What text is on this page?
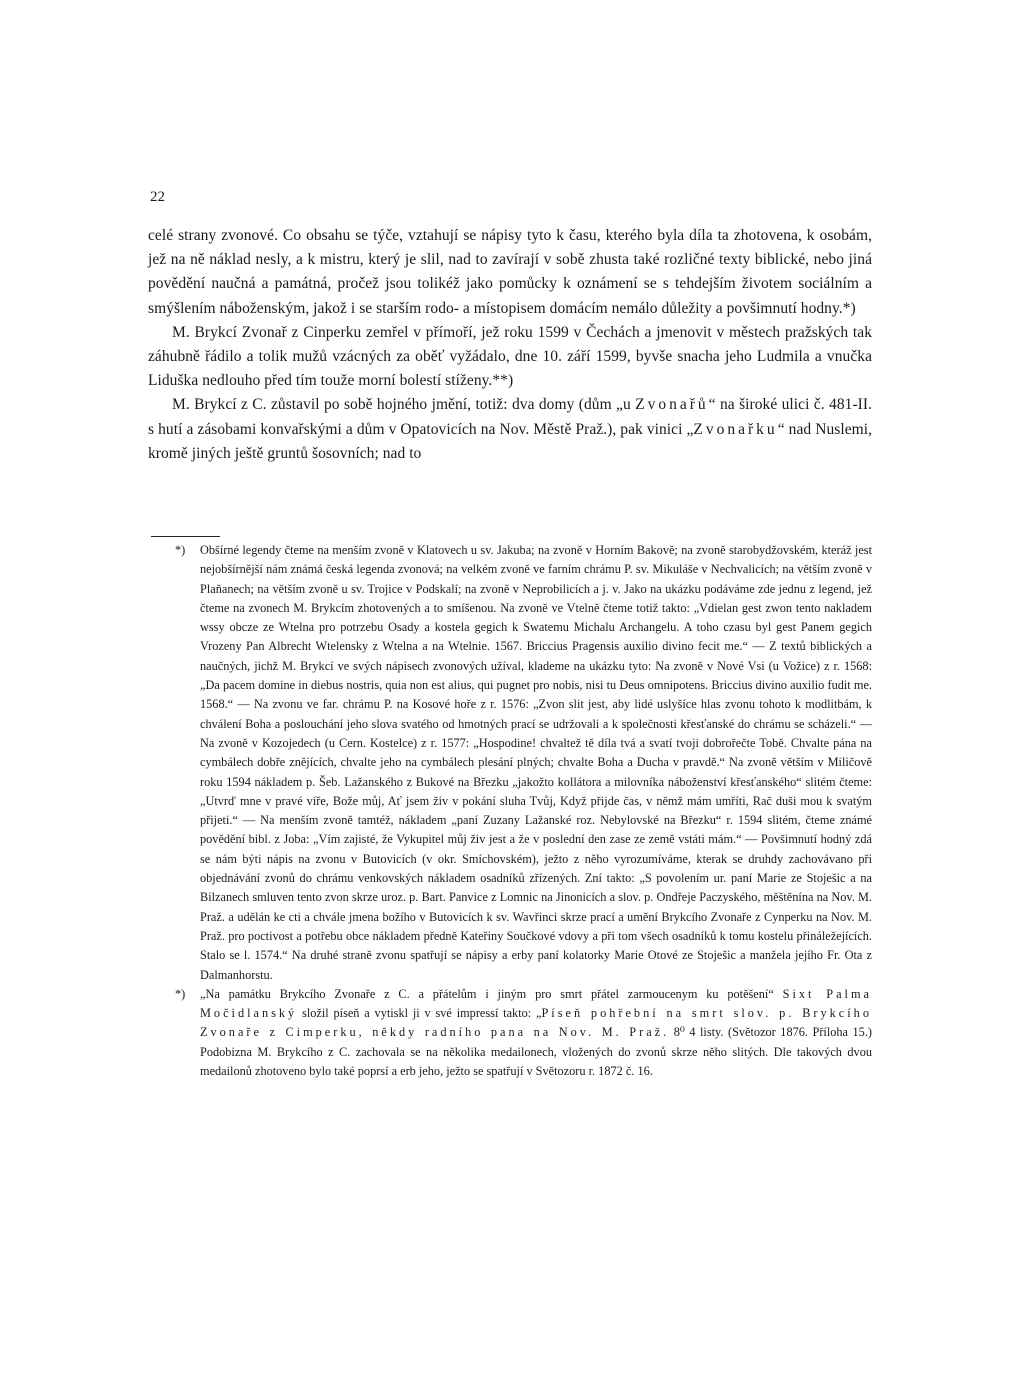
22

celé strany zvonové. Co obsahu se týče, vztahují se nápisy tyto k času, kterého byla díla ta zhotovena, k osobám, jež na ně náklad nesly, a k mistru, který je slil, nad to zavírají v sobě zhusta také rozličné texty biblické, nebo jiná povědění naučná a památná, pročež jsou tolikéž jako pomůcky k oznámení se s tehdejším životem sociálním a smýšlením náboženským, jakož i se starším rodo- a místopisem domácím nemálo důležity a povšimnutí hodny.*)

M. Brykcí Zvonař z Cinperku zemřel v přímoří, jež roku 1599 v Čechách a jmenovit v městech pražských tak záhubně řádilo a tolik mužů vzácných za oběť vyžádalo, dne 10. září 1599, byvše snacha jeho Ludmila a vnučka Liduška nedlouho před tím touže morní bolestí stíženy.**)

M. Brykcí z C. zůstavil po sobě hojného jmění, totiž: dva domy (dům „u Zvonařů“ na široké ulici č. 481-II. s hutí a zásobami konvařskými a dům v Opatovicích na Nov. Městě Praž.), pak vinici „Zvonařku“ nad Nuslemi, kromě jiných ještě gruntů šosovních; nad to

*) Obšírné legendy čteme na menším zvoně v Klatovech u sv. Jakuba; na zvoně v Horním Bakově; na zvoně starobydžovském, kteráž jest nejobšírnější nám známá česká legenda zvonová; na velkém zvoně ve farním chrámu P. sv. Mikuláše v Nechvalicích; na větším zvoně v Plaňanech; na větším zvoně u sv. Trojice v Podskalí; na zvoně v Neprobilicích a j. v. Jako na ukázku podáváme zde jednu z legend, jež čteme na zvonech M. Brykcím zhotovených a to smíšenou. Na zvoně ve Vtelně čteme totiž takto: „Vdielan gest zwon tento nakladem wssy obcze ze Wtelna pro potrzebu Osady a kostela gegich k Swatemu Michalu Archangelu. A toho czasu byl gest Panem gegich Vrozeny Pan Albrecht Wtelensky z Wtelna a na Wtelnie. 1567. Briccius Pragensis auxilio divino fecit me.“ — Z textů biblických a naučných, jichž M. Brykcí ve svých nápisech zvonových užíval, klademe na ukázku tyto: Na zvoně v Nové Vsi (u Vožice) z r. 1568: „Da pacem domine in diebus nostris, quia non est alius, qui pugnet pro nobis, nisi tu Deus omnipotens. Briccius divino auxilio fudit me. 1568.“ — Na zvonu ve far. chrámu P. na Kosové hoře z r. 1576: „Zvon slit jest, aby lidé uslyšíce hlas zvonu tohoto k modlitbám, k chválení Boha a poslouchání jeho slova svatého od hmotných prací se udržovali a k společnosti křesťanské do chrámu se scházeli.“ — Na zvoně v Kozojedech (u Cern. Kostelce) z r. 1577: „Hospodine! chvaltež tě díla tvá a svatí tvoji dobrořečte Tobě. Chvalte pána na cymbálech dobře znějících, chvalte jeho na cymbálech plesání plných; chvalte Boha a Ducha v pravdě.“ Na zvoně větším v Miličově roku 1594 nákladem p. Šeb. Lažanského z Bukové na Březku „jakožto kollátora a milovníka náboženství křesťanského“ slitém čteme: „Utvrď mne v pravé víře, Bože můj, Ať jsem živ v pokání sluha Tvůj, Když přijde čas, v němž mám umříti, Rač duši mou k svatým přijeti.“ — Na menším zvoně tamtéž, nákladem „paní Zuzany Lažanské roz. Nebylovské na Březku“ r. 1594 slitém, čteme známé povědění bibl. z Joba: „Vím zajisté, že Vykupitel můj živ jest a že v poslední den zase ze země vstáti mám.“ — Povšimnutí hodný zdá se nám býti nápis na zvonu v Butovicích (v okr. Smíchovském), ježto z něho vyrozumíváme, kterak se druhdy zachovávano při objednávání zvonů do chrámu venkovských nákladem osadníků zřízených. Zní takto: „S povolením ur. paní Marie ze Stoješic a na Bilzanech smluven tento zvon skrze uroz. p. Bart. Panvice z Lomnic na Jinonicích a slov. p. Ondřeje Paczyského, měštěnína na Nov. M. Praž. a udělán ke cti a chvále jmena božího v Butovicích k sv. Wavřinci skrze prací a umění Brykcího Zvonaře z Cynperku na Nov. M. Praž. pro poctivost a potřebu obce nákladem předně Kateřiny Součkové vdovy a při tom všech osadníků k tomu kostelu přináležejících. Stalo se l. 1574.“ Na druhé straně zvonu spatřují se nápisy a erby paní kolatorky Marie Otové ze Stoješic a manžela jejího Fr. Ota z Dalmanhorstu.

*) „Na památku Brykcího Zvonaře z C. a přátelům i jiným pro smrt přátel zarmoucenym ku potěšení“ Sixt Palma Močidlanský složil píseň a vytiskl ji v své impressí takto: „Píseň pohřební na smrt slov. p. Brykcího Zvonaře z Cimperku, někdy radního pana na Nov. M. Praž. 8⁰ 4 listy. (Světozor 1876. Příloha 15.) Podobizna M. Brykcího z C. zachovala se na několika medailonech, vložených do zvonů skrze něho slitých. Dle takových dvou medailonů zhotoveno bylo také poprsí a erb jeho, ježto se spatřují v Světozoru r. 1872 č. 16.
